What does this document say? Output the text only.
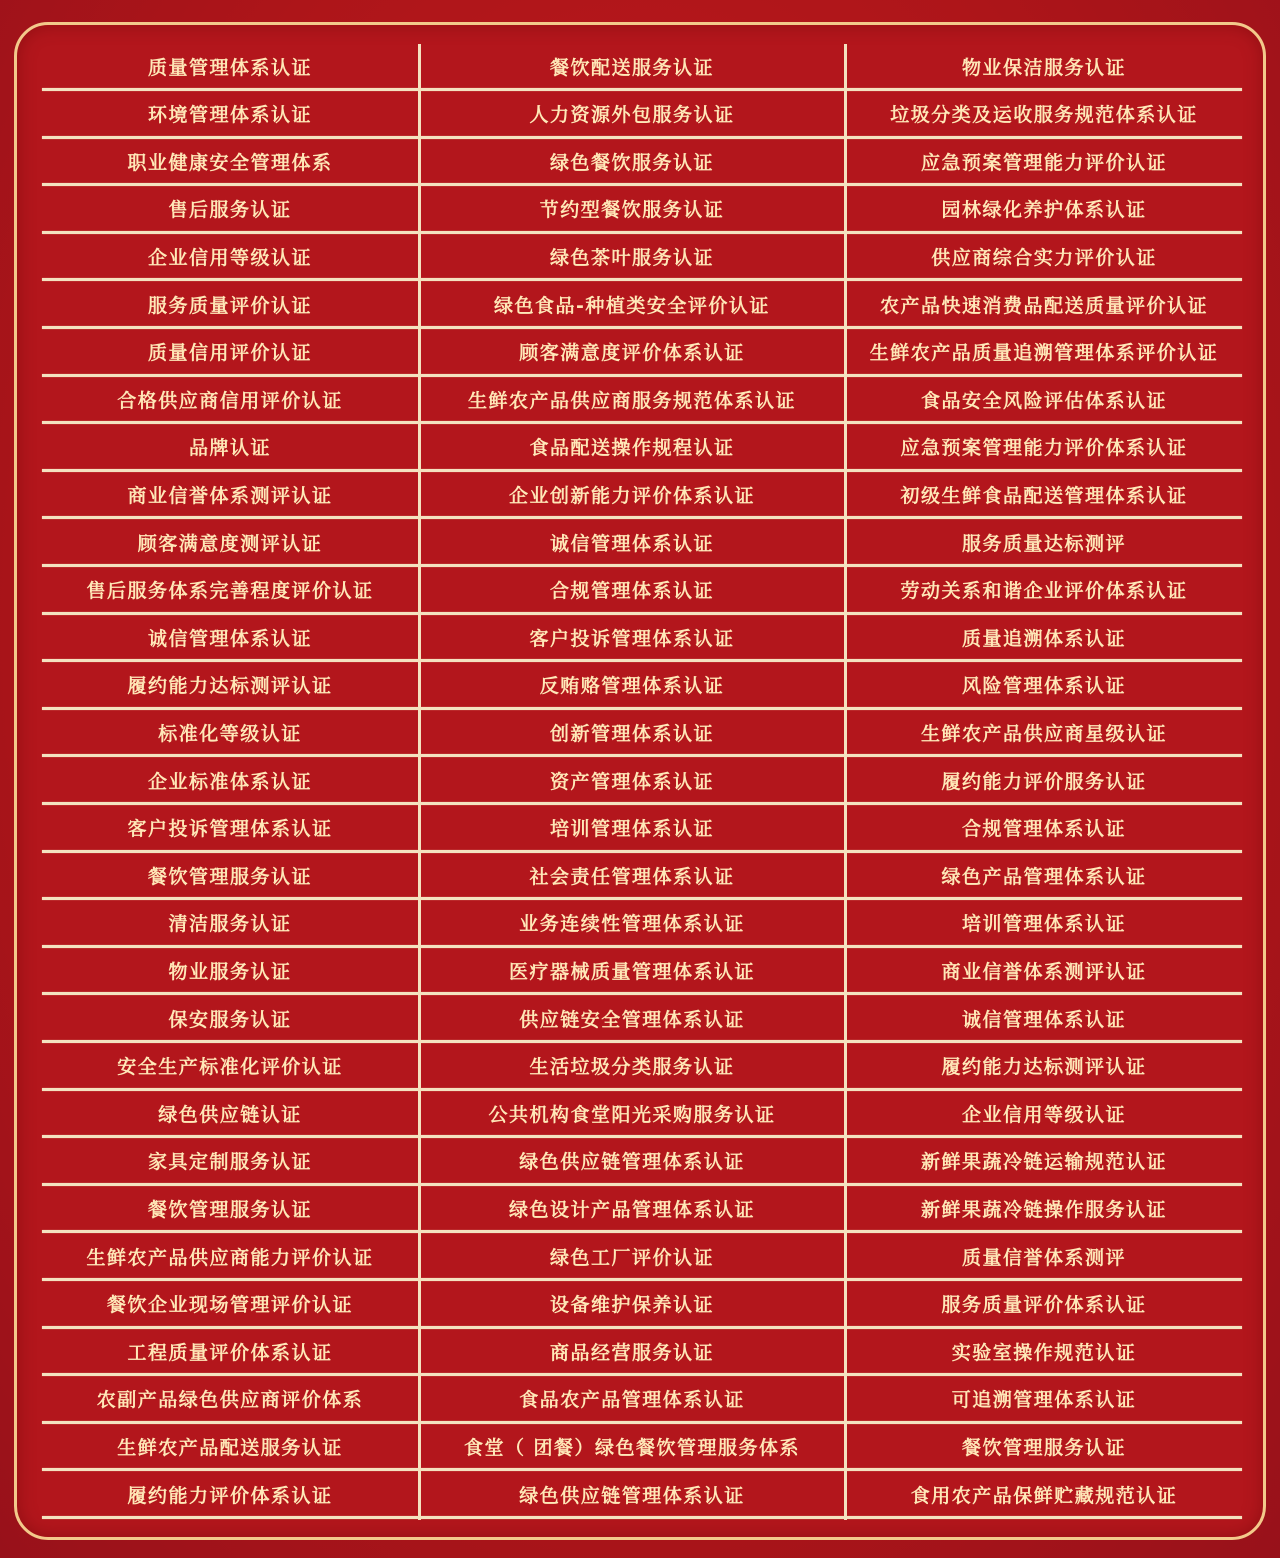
质量管理体系认证	餐饮配送服务认证	物业保洁服务认证
环境管理体系认证	人力资源外包服务认证	垃圾分类及运收服务规范体系认证
职业健康安全管理体系	绿色餐饮服务认证	应急预案管理能力评价认证
售后服务认证	节约型餐饮服务认证	园林绿化养护体系认证
企业信用等级认证	绿色茶叶服务认证	供应商综合实力评价认证
服务质量评价认证	绿色食品-种植类安全评价认证	农产品快速消费品配送质量评价认证
质量信用评价认证	顾客满意度评价体系认证	生鲜农产品质量追溯管理体系评价认证
合格供应商信用评价认证	生鲜农产品供应商服务规范体系认证	食品安全风险评估体系认证
品牌认证	食品配送操作规程认证	应急预案管理能力评价体系认证
商业信誉体系测评认证	企业创新能力评价体系认证	初级生鲜食品配送管理体系认证
顾客满意度测评认证	诚信管理体系认证	服务质量达标测评
售后服务体系完善程度评价认证	合规管理体系认证	劳动关系和谐企业评价体系认证
诚信管理体系认证	客户投诉管理体系认证	质量追溯体系认证
履约能力达标测评认证	反贿赂管理体系认证	风险管理体系认证
标准化等级认证	创新管理体系认证	生鲜农产品供应商星级认证
企业标准体系认证	资产管理体系认证	履约能力评价服务认证
客户投诉管理体系认证	培训管理体系认证	合规管理体系认证
餐饮管理服务认证	社会责任管理体系认证	绿色产品管理体系认证
清洁服务认证	业务连续性管理体系认证	培训管理体系认证
物业服务认证	医疗器械质量管理体系认证	商业信誉体系测评认证
保安服务认证	供应链安全管理体系认证	诚信管理体系认证
安全生产标准化评价认证	生活垃圾分类服务认证	履约能力达标测评认证
绿色供应链认证	公共机构食堂阳光采购服务认证	企业信用等级认证
家具定制服务认证	绿色供应链管理体系认证	新鲜果蔬冷链运输规范认证
餐饮管理服务认证	绿色设计产品管理体系认证	新鲜果蔬冷链操作服务认证
生鲜农产品供应商能力评价认证	绿色工厂评价认证	质量信誉体系测评
餐饮企业现场管理评价认证	设备维护保养认证	服务质量评价体系认证
工程质量评价体系认证	商品经营服务认证	实验室操作规范认证
农副产品绿色供应商评价体系	食品农产品管理体系认证	可追溯管理体系认证
生鲜农产品配送服务认证	食堂（ 团餐）绿色餐饮管理服务体系	餐饮管理服务认证
履约能力评价体系认证	绿色供应链管理体系认证	食用农产品保鲜贮藏规范认证
